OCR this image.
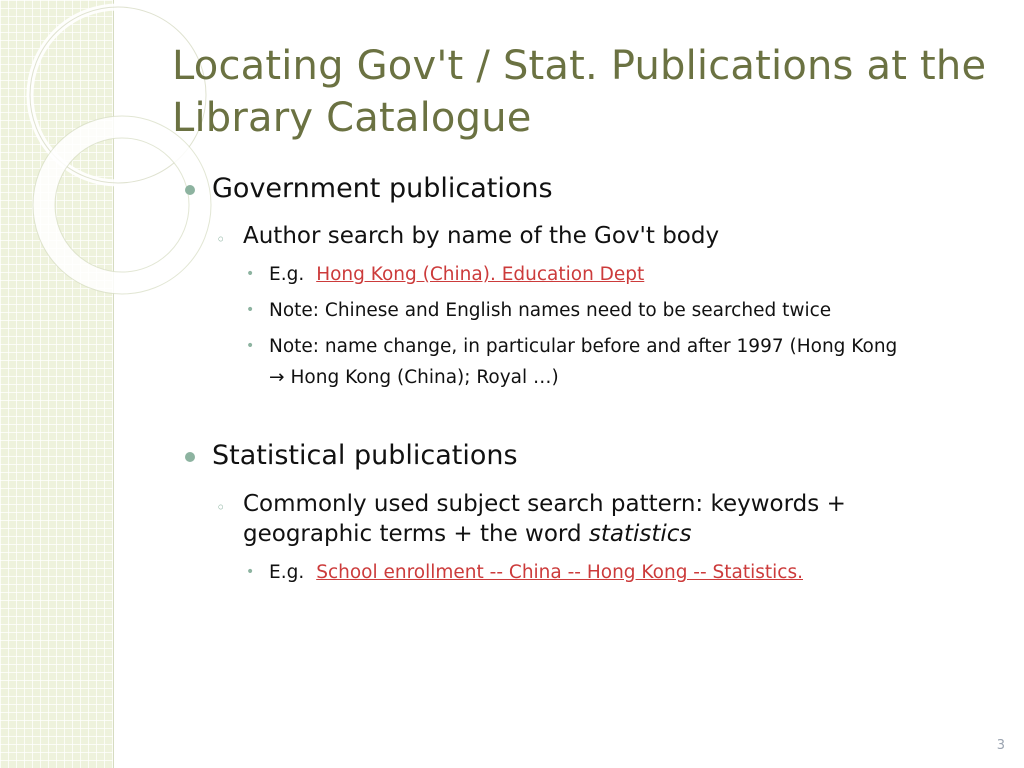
Locating Gov't / Stat. Publications at the Library Catalogue
Government publications
◦ Author search by name of the Gov't body
• E.g. Hong Kong (China). Education Dept
• Note: Chinese and English names need to be searched twice
• Note: name change, in particular before and after 1997 (Hong Kong
→ Hong Kong (China); Royal …)
Statistical publications
◦ Commonly used subject search pattern: keywords + geographic terms + the word statistics
• E.g. School enrollment -- China -- Hong Kong -- Statistics.
3
